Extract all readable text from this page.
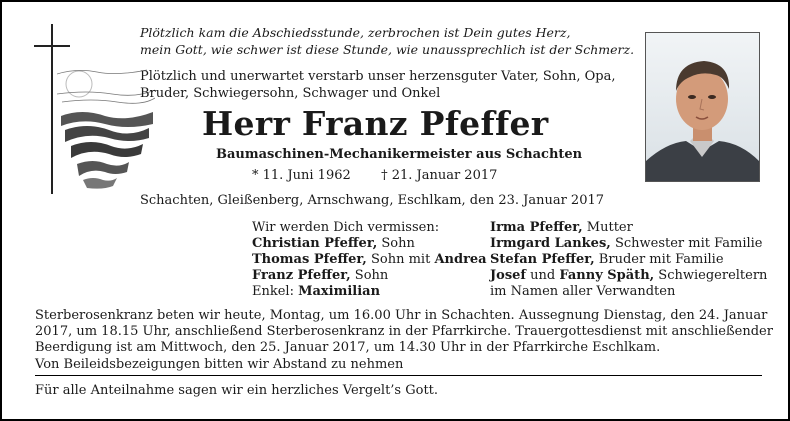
Plötzlich kam die Abschiedsstunde, zerbrochen ist Dein gutes Herz,
mein Gott, wie schwer ist diese Stunde, wie unaussprechlich ist der Schmerz.
Plötzlich und unerwartet verstarb unser herzensguter Vater, Sohn, Opa,
Bruder, Schwiegersohn, Schwager und Onkel
Herr Franz Pfeffer
Baumaschinen-Mechanikermeister aus Schachten
* 11. Juni 1962 † 21. Januar 2017
Schachten, Gleißenberg, Arnschwang, Eschlkam, den 23. Januar 2017
Wir werden Dich vermissen:
Christian Pfeffer, Sohn
Thomas Pfeffer, Sohn mit Andrea
Franz Pfeffer, Sohn
Enkel: Maximilian
Irma Pfeffer, Mutter
Irmgard Lankes, Schwester mit Familie
Stefan Pfeffer, Bruder mit Familie
Josef und Fanny Späth, Schwiegereltern
im Namen aller Verwandten
Sterberosenkranz beten wir heute, Montag, um 16.00 Uhr in Schachten. Aussegnung Dienstag, den 24. Januar
2017, um 18.15 Uhr, anschließend Sterberosenkranz in der Pfarrkirche. Trauergottesdienst mit anschließender
Beerdigung ist am Mittwoch, den 25. Januar 2017, um 14.30 Uhr in der Pfarrkirche Eschlkam.
Von Beileidsbezeigungen bitten wir Abstand zu nehmen
Für alle Anteilnahme sagen wir ein herzliches Vergelt’s Gott.
